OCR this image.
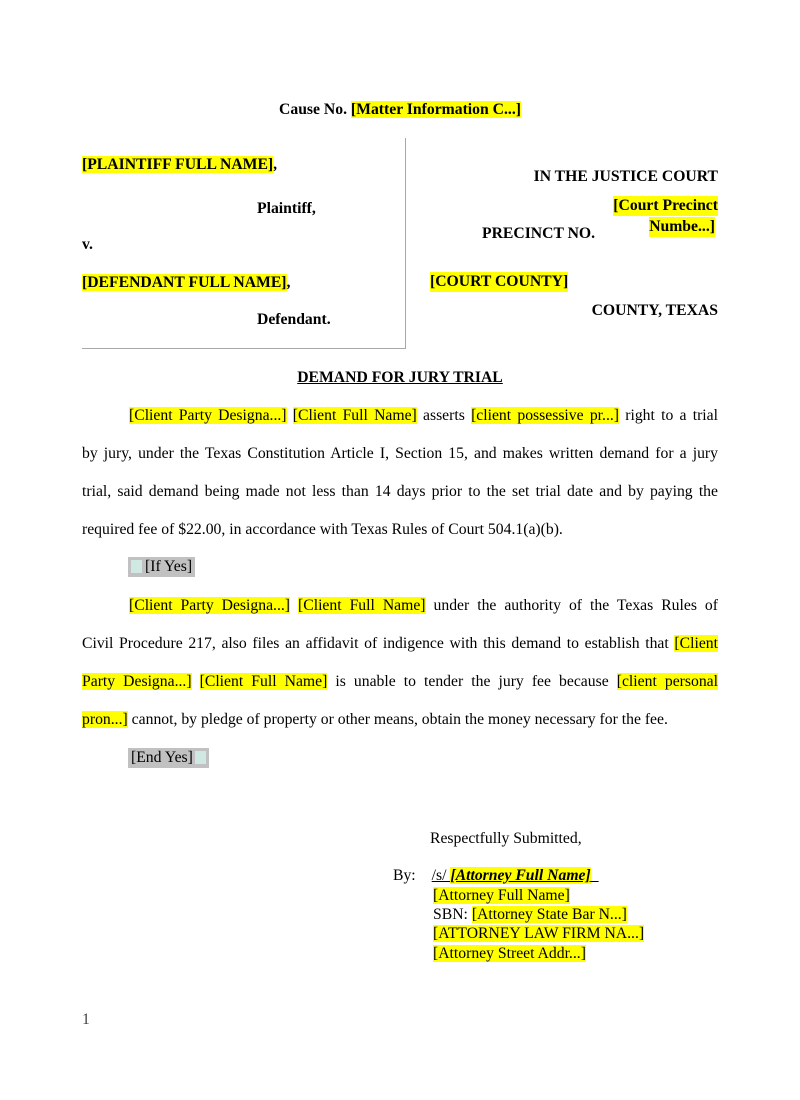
Cause No. [Matter Information C...]
[PLAINTIFF FULL NAME],
Plaintiff,
v.
[DEFENDANT FULL NAME],
Defendant.
IN THE JUSTICE COURT
[Court Precinct
PRECINCT NO.	Numbe...]
[COURT COUNTY]
COUNTY, TEXAS
DEMAND FOR JURY TRIAL
[Client Party Designa...] [Client Full Name] asserts [client possessive pr...] right to a trial
by jury, under the Texas Constitution Article I, Section 15, and makes written demand for a jury
trial, said demand being made not less than 14 days prior to the set trial date and by paying the
required fee of $22.00, in accordance with Texas Rules of Court 504.1(a)(b).
[If Yes]
[Client Party Designa...] [Client Full Name] under the authority of the Texas Rules of
Civil Procedure 217, also files an affidavit of indigence with this demand to establish that [Client
Party Designa...] [Client Full Name] is unable to tender the jury fee because [client personal
pron...] cannot, by pledge of property or other means, obtain the money necessary for the fee.
[End Yes]
Respectfully Submitted,
By: /s/ [Attorney Full Name]
[Attorney Full Name]
SBN: [Attorney State Bar N...]
[ATTORNEY LAW FIRM NA...]
[Attorney Street Addr...]
1
